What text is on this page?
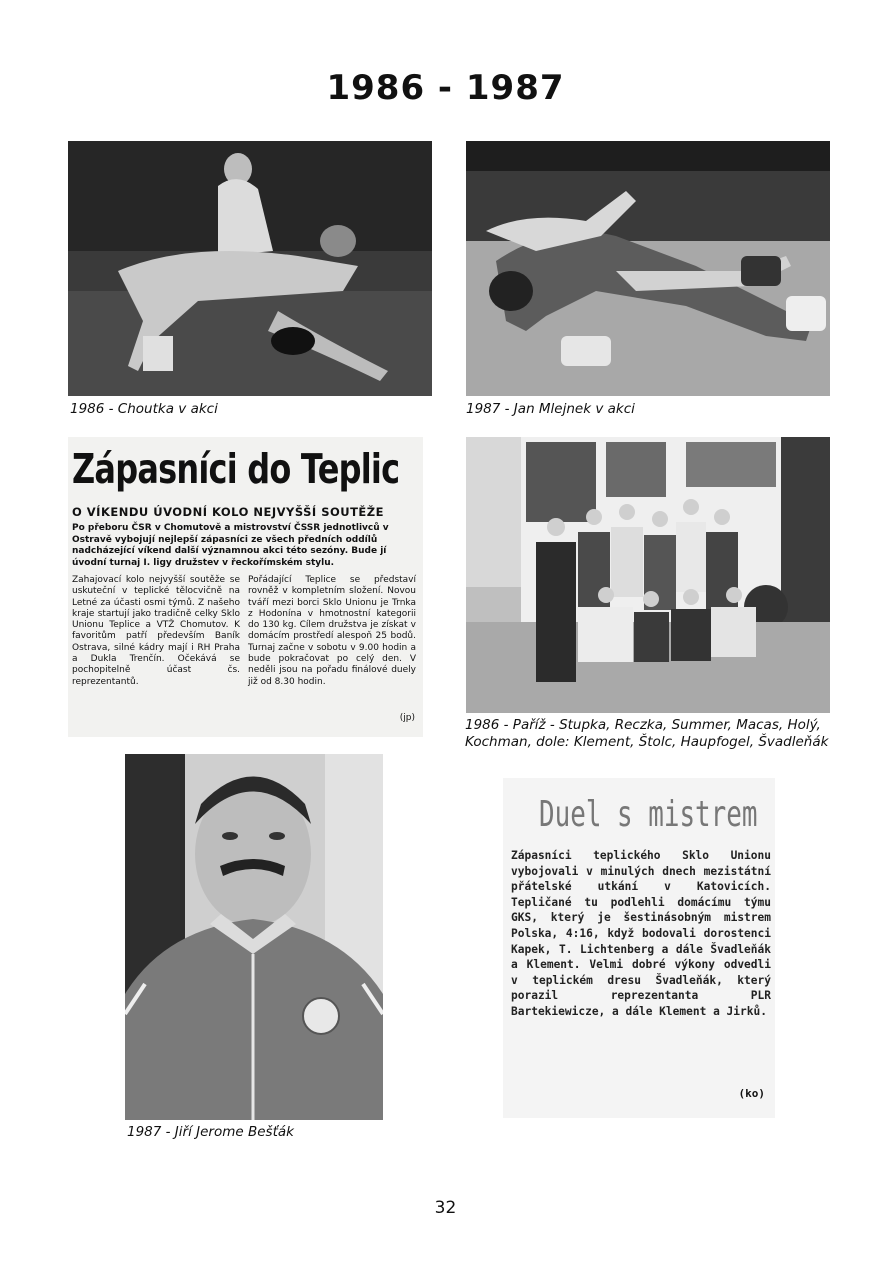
1986 - 1987
1986 - Choutka v akci	1987 - Jan Mlejnek v akci
Zápasníci do Teplic
O VÍKENDU ÚVODNÍ KOLO NEJVYŠŠÍ SOUTĚŽE
Po přeboru ČSR v Chomutově a mistrovství ČSSR jednotlivců v Ostravě vybojují nejlepší zápasníci ze všech předních oddílů nadcházející víkend další významnou akci této sezóny. Bude jí úvodní turnaj I. ligy družstev v řeckořímském stylu.
Zahajovací kolo nejvyšší soutěže se uskuteční v teplické tělocvičně na Letné za účasti osmi týmů. Z našeho kraje startují jako tradičně celky Sklo Unionu Teplice a VTŽ Chomutov. K favoritům patří především Baník Ostrava, silné kádry mají i RH Praha a Dukla Trenčín. Očekává se pochopitelně účast čs. reprezentantů.
Pořádající Teplice se představí rovněž v kompletním složení. Novou tváří mezi borci Sklo Unionu je Trnka z Hodonína v hmotnostní kategorii do 130 kg. Cílem družstva je získat v domácím prostředí alespoň 25 bodů. Turnaj začne v sobotu v 9.00 hodin a bude pokračovat po celý den. V neděli jsou na pořadu finálové duely již od 8.30 hodin.
(jp)	1986 - Paříž - Stupka, Reczka, Summer, Macas, Holý,
Kochman, dole: Klement, Štolc, Haupfogel, Švadleňák
1987 - Jiří Jerome Bešťák
Duel s mistrem
Zápasníci teplického Sklo Unionu vybojovali v minulých dnech mezistátní přátelské utkání v Katovicích. Tepličané tu podlehli domácímu týmu GKS, který je šestinásobným mistrem Polska, 4:16, když bodovali dorostenci Kapek, T. Lichtenberg a dále Švadleňák a Klement. Velmi dobré výkony odvedli v teplickém dresu Švadleňák, který porazil reprezentanta PLR Bartekiewicze, a dále Klement a Jirků.
(ko)
32
